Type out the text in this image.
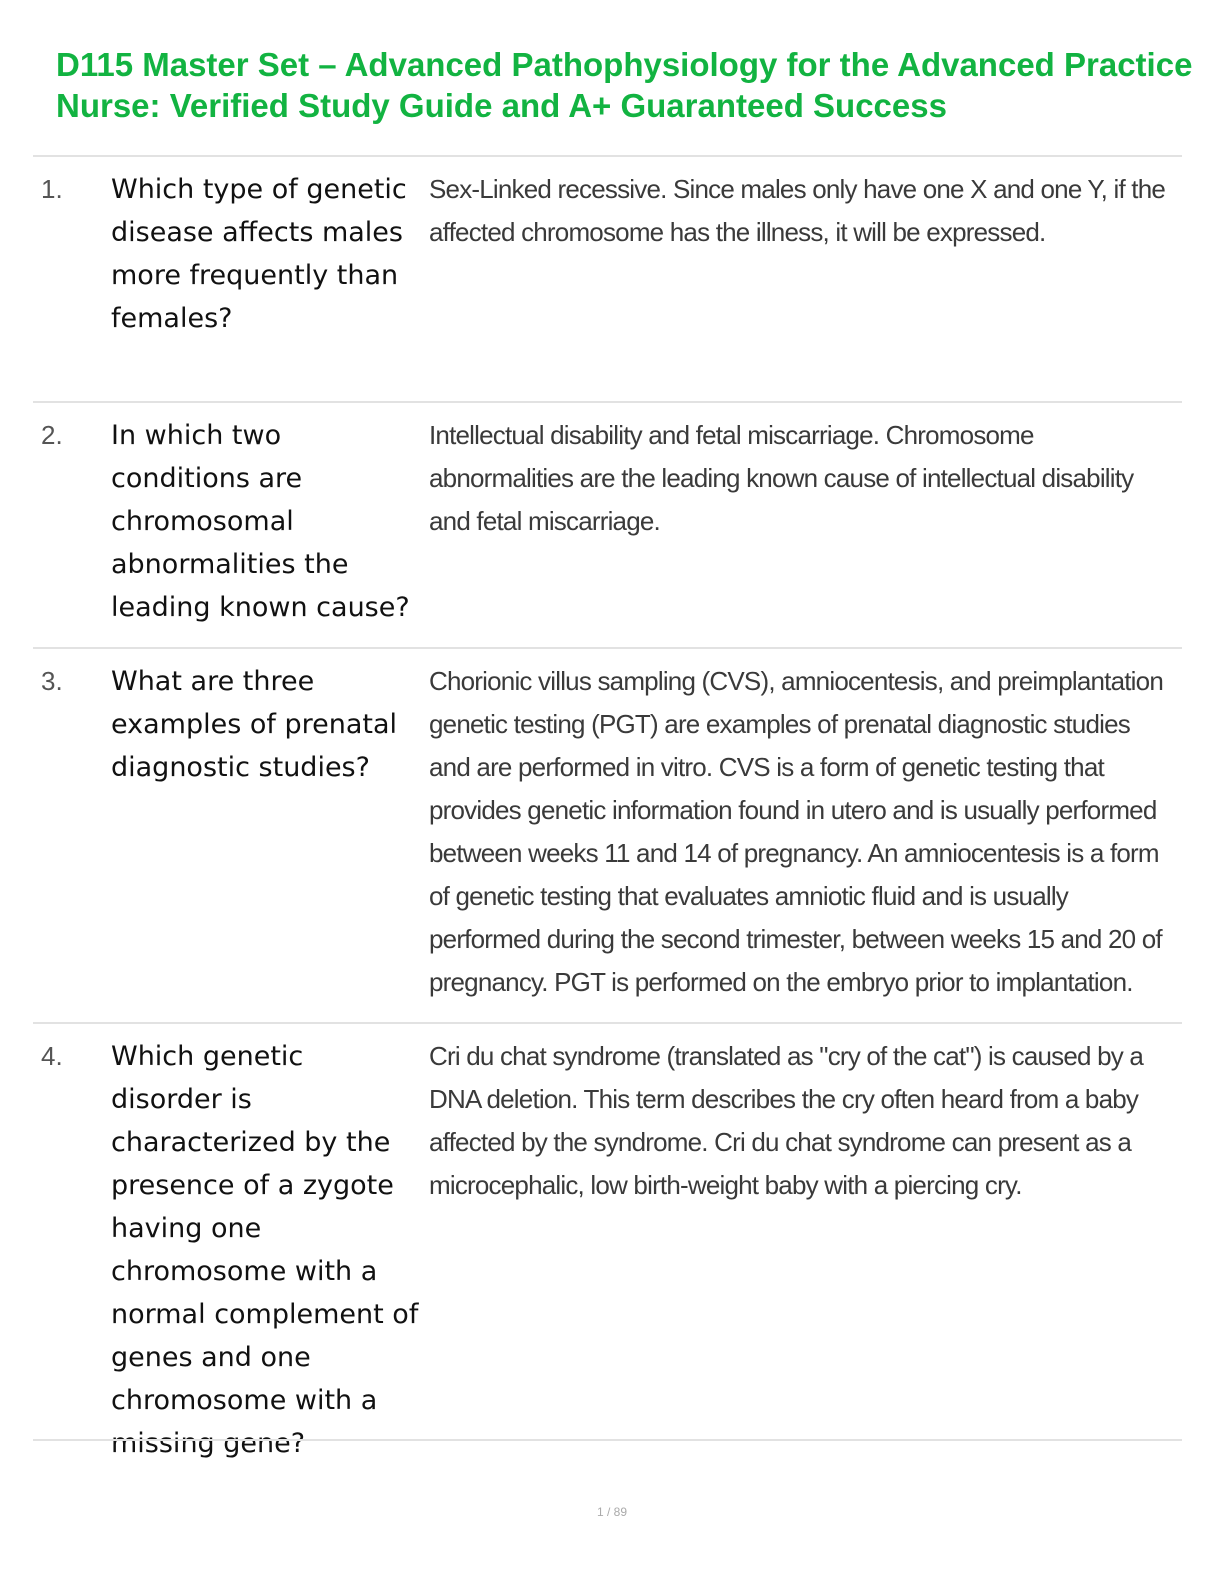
D115 Master Set – Advanced Pathophysiology for the Advanced Practice Nurse: Verified Study Guide and A+ Guaranteed Success
1. Which type of genetic disease affects males more frequently than females?
Sex-Linked recessive. Since males only have one X and one Y, if the affected chromosome has the illness, it will be expressed.
2. In which two conditions are chromosomal abnormalities the leading known cause?
Intellectual disability and fetal miscarriage. Chromosome abnormalities are the leading known cause of intellectual disability and fetal miscarriage.
3. What are three examples of prenatal diagnostic studies?
Chorionic villus sampling (CVS), amniocentesis, and preimplantation genetic testing (PGT) are examples of prenatal diagnostic studies and are performed in vitro. CVS is a form of genetic testing that provides genetic information found in utero and is usually performed between weeks 11 and 14 of pregnancy. An amniocentesis is a form of genetic testing that evaluates amniotic fluid and is usually performed during the second trimester, between weeks 15 and 20 of pregnancy. PGT is performed on the embryo prior to implantation.
4. Which genetic disorder is characterized by the presence of a zygote having one chromosome with a normal complement of genes and one chromosome with a missing gene?
Cri du chat syndrome (translated as "cry of the cat") is caused by a DNA deletion. This term describes the cry often heard from a baby affected by the syndrome. Cri du chat syndrome can present as a microcephalic, low birth-weight baby with a piercing cry.
1 / 89
